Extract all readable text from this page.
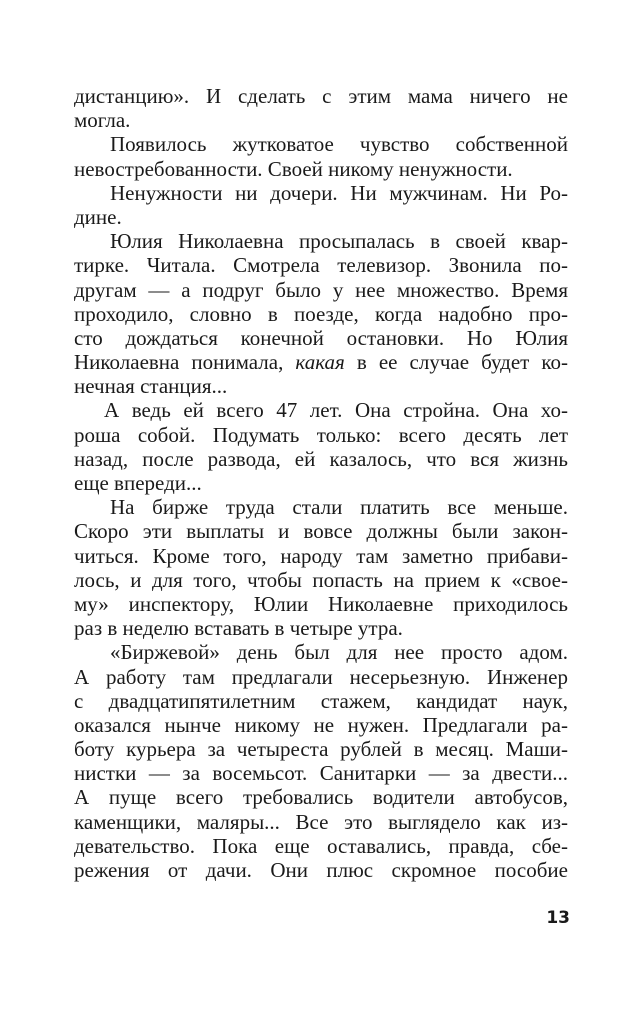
дистанцию». И сделать с этим мама ничего не
могла.
Появилось жутковатое чувство собственной
невостребованности. Своей никому ненужности.
Ненужности ни дочери. Ни мужчинам. Ни Ро-
дине.
Юлия Николаевна просыпалась в своей квар-
тирке. Читала. Смотрела телевизор. Звонила по-
другам — а подруг было у нее множество. Время
проходило, словно в поезде, когда надобно про-
сто дождаться конечной остановки. Но Юлия
Николаевна понимала, какая в ее случае будет ко-
нечная станция...
А ведь ей всего 47 лет. Она стройна. Она хо-
роша собой. Подумать только: всего десять лет
назад, после развода, ей казалось, что вся жизнь
еще впереди...
На бирже труда стали платить все меньше.
Скоро эти выплаты и вовсе должны были закон-
читься. Кроме того, народу там заметно прибави-
лось, и для того, чтобы попасть на прием к «свое-
му» инспектору, Юлии Николаевне приходилось
раз в неделю вставать в четыре утра.
«Биржевой» день был для нее просто адом.
А работу там предлагали несерьезную. Инженер
с двадцатипятилетним стажем, кандидат наук,
оказался нынче никому не нужен. Предлагали ра-
боту курьера за четыреста рублей в месяц. Маши-
нистки — за восемьсот. Санитарки — за двести...
А пуще всего требовались водители автобусов,
каменщики, маляры... Все это выглядело как из-
девательство. Пока еще оставались, правда, сбе-
режения от дачи. Они плюс скромное пособие
13
